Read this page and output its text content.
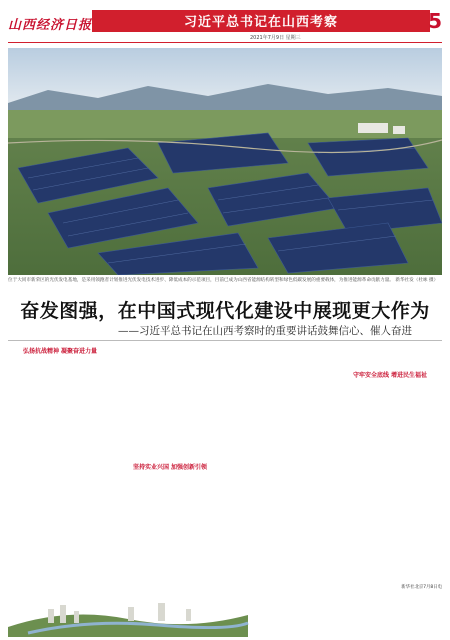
山西经济日报	习近平总书记在山西考察	5
2021年7月9日 星期三
位于大同市新荣区的光伏发电基地，是采用领跑者计划推进光伏发电技术进步、降低成本的示范项目，目前已成为山西省能源结构转型和绿色低碳发展的重要载体，为推进能源革命贡献力量。 新华社发（杜咏 摄）
奋发图强，在中国式现代化建设中展现更大作为
——习近平总书记在山西考察时的重要讲话鼓舞信心、催人奋进
弘扬抗战精神 凝聚奋进力量
坚持实业兴国 加强创新引领
守牢安全底线 增进民生福祉
新华社北京7月8日电
